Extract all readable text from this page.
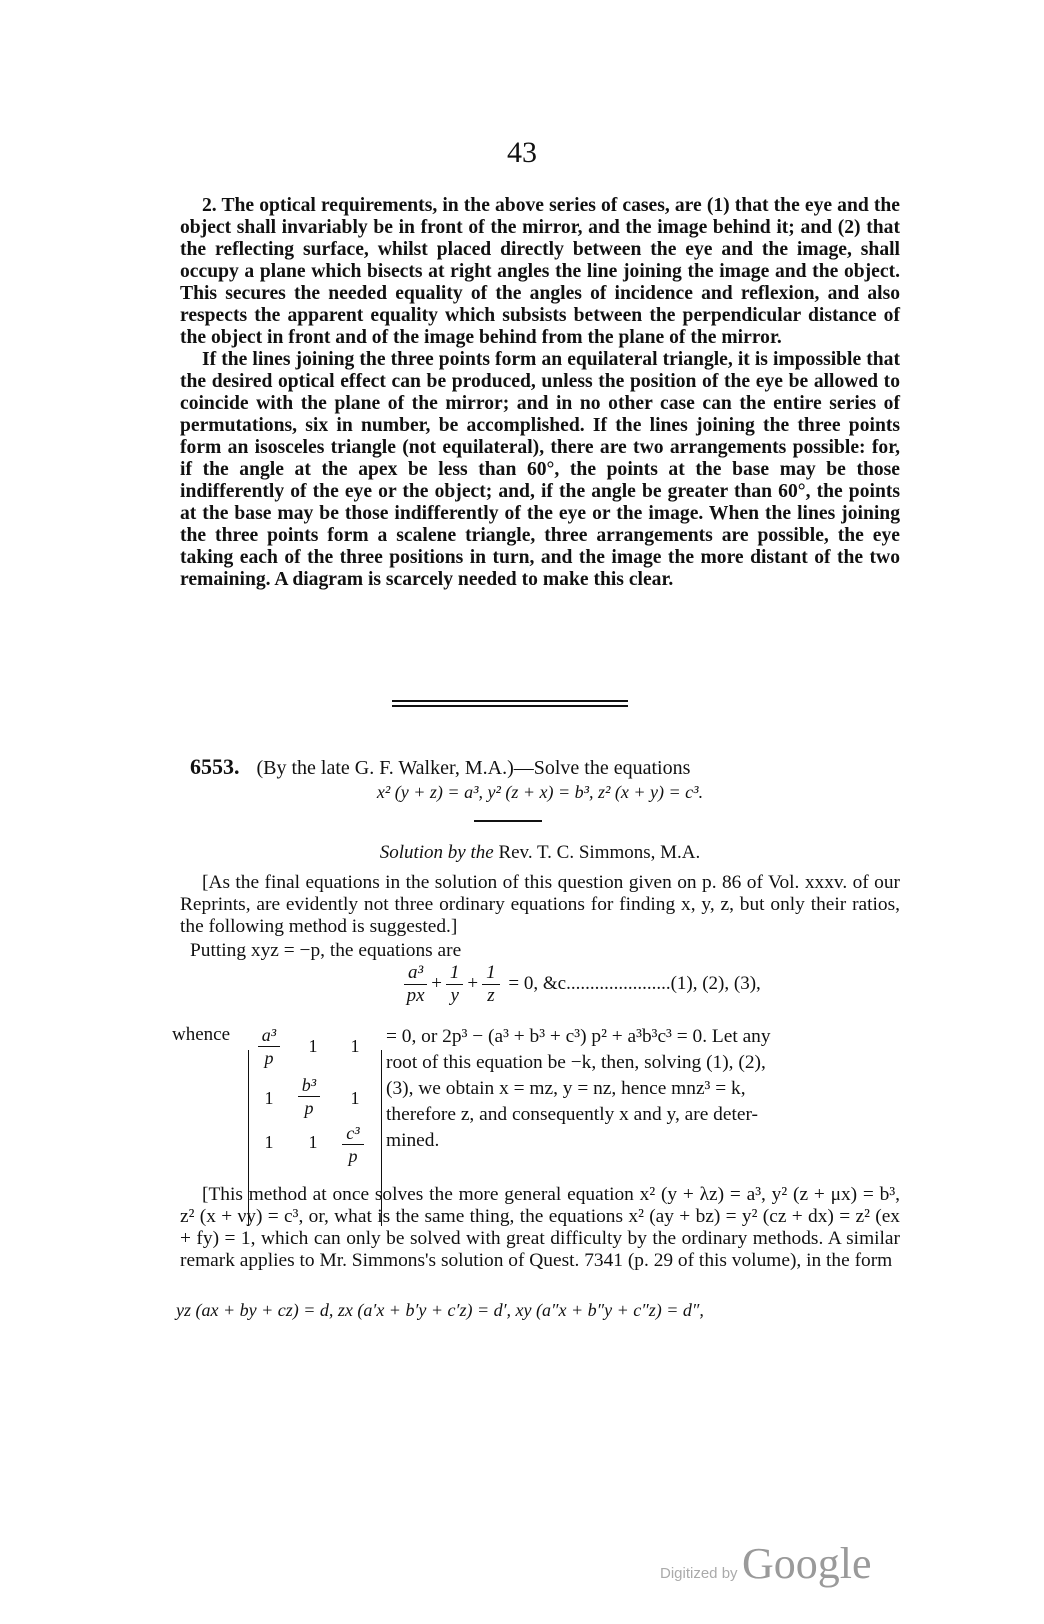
43

2. The optical requirements, in the above series of cases, are (1) that the eye and the object shall invariably be in front of the mirror, and the image behind it; and (2) that the reflecting surface, whilst placed directly between the eye and the image, shall occupy a plane which bisects at right angles the line joining the image and the object. This secures the needed equality of the angles of incidence and reflexion, and also respects the apparent equality which subsists between the perpendicular distance of the object in front and of the image behind from the plane of the mirror.

If the lines joining the three points form an equilateral triangle, it is impossible that the desired optical effect can be produced, unless the position of the eye be allowed to coincide with the plane of the mirror; and in no other case can the entire series of permutations, six in number, be accomplished. If the lines joining the three points form an isosceles triangle (not equilateral), there are two arrangements possible: for, if the angle at the apex be less than 60°, the points at the base may be those indifferently of the eye or the object; and, if the angle be greater than 60°, the points at the base may be those indifferently of the eye or the image. When the lines joining the three points form a scalene triangle, three arrangements are possible, the eye taking each of the three positions in turn, and the image the more distant of the two remaining. A diagram is scarcely needed to make this clear.

6553. (By the late G. F. Walker, M.A.)—Solve the equations
x² (y + z) = a³, y² (z + x) = b³, z² (x + y) = c³.
Solution by the Rev. T. C. Simmons, M.A.

[As the final equations in the solution of this question given on p. 86 of Vol. xxxv. of our Reprints, are evidently not three ordinary equations for finding x, y, z, but only their ratios, the following method is suggested.]

Putting xyz = −p, the equations are
$\frac{\text{a³}}{px} + \frac{1}{y} + \frac{1}{z} = 0$, &c......................(1), (2), (3),
whence $\frac{\text{a³}}{p}$	1	1
1	$\frac{\text{b³}}{p}$	1
1	1	$\frac{\text{c³}}{p}$
= 0, or 2p³ − (a³ + b³ + c³) p² + a³b³c³ = 0. Let any
root of this equation be −k, then, solving (1), (2),
(3), we obtain x = mz, y = nz, hence mnz³ = k,
therefore z, and consequently x and y, are deter-
mined.

[This method at once solves the more general equation x² (y + λz) = a³, y² (z + μx) = b³, z² (x + νy) = c³, or, what is the same thing, the equations x² (ay + bz) = y² (cz + dx) = z² (ex + fy) = 1, which can only be solved with great difficulty by the ordinary methods. A similar remark applies to Mr. Simmons's solution of Quest. 7341 (p. 29 of this volume), in the form

yz (ax + by + cz) = d, zx (a′x + b′y + c′z) = d′, xy (a″x + b″y + c″z) = d″,
Digitized by Google
